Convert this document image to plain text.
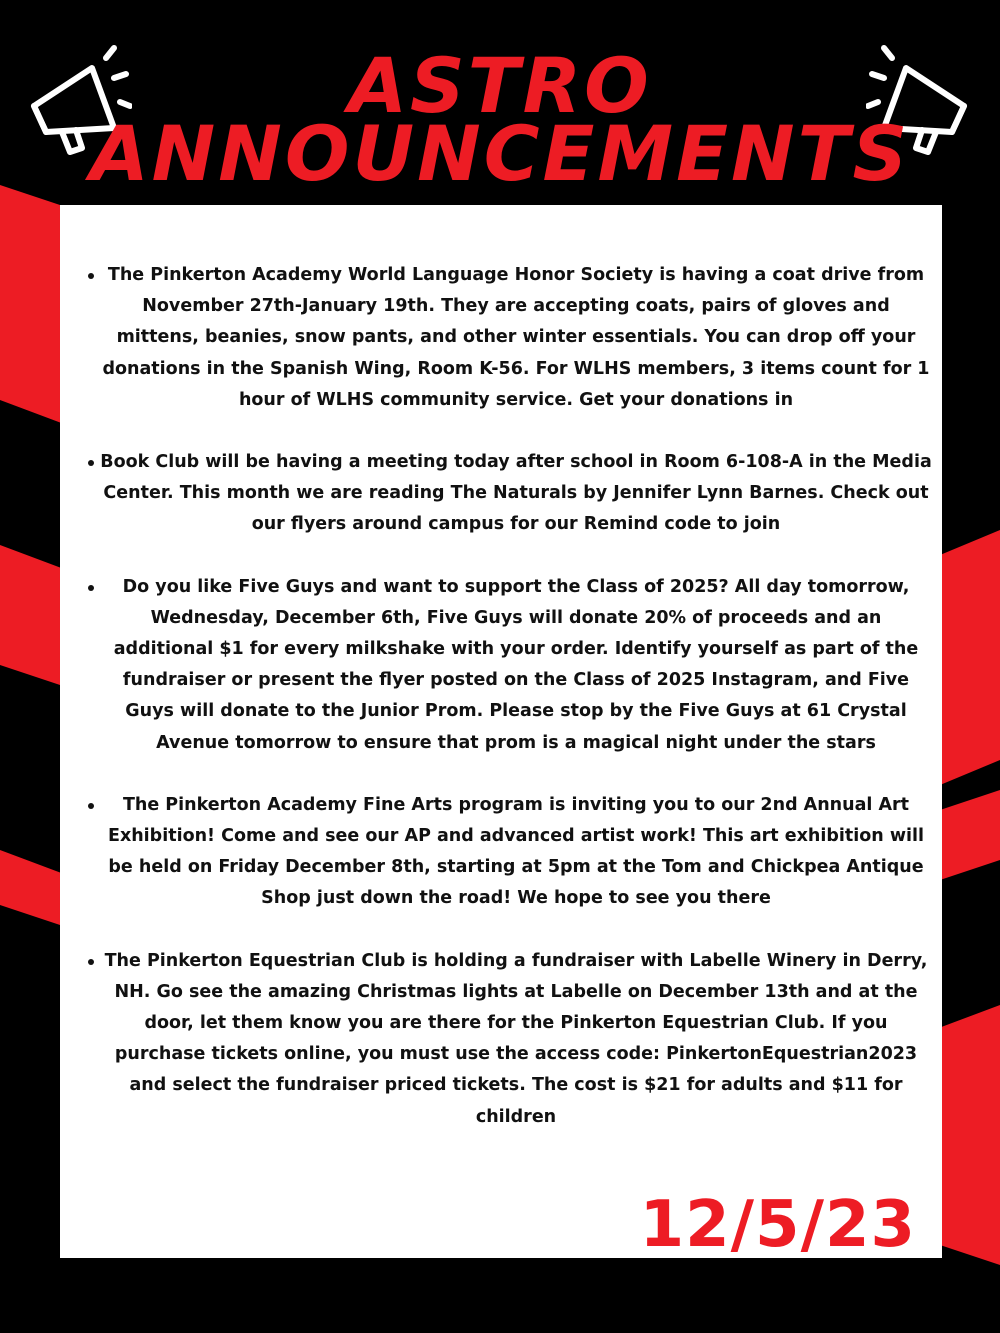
ASTRO
ANNOUNCEMENTS
The Pinkerton Academy World Language Honor Society is having a coat drive from November 27th-January 19th. They are accepting coats, pairs of gloves and mittens, beanies, snow pants, and other winter essentials. You can drop off your donations in the Spanish Wing, Room K-56. For WLHS members, 3 items count for 1 hour of WLHS community service. Get your donations in
Book Club will be having a meeting today after school in Room 6-108-A in the Media Center. This month we are reading The Naturals by Jennifer Lynn Barnes. Check out our flyers around campus for our Remind code to join
Do you like Five Guys and want to support the Class of 2025? All day tomorrow, Wednesday, December 6th, Five Guys will donate 20% of proceeds and an additional $1 for every milkshake with your order. Identify yourself as part of the fundraiser or present the flyer posted on the Class of 2025 Instagram, and Five Guys will donate to the Junior Prom. Please stop by the Five Guys at 61 Crystal Avenue tomorrow to ensure that prom is a magical night under the stars
The Pinkerton Academy Fine Arts program is inviting you to our 2nd Annual Art Exhibition! Come and see our AP and advanced artist work! This art exhibition will be held on Friday December 8th, starting at 5pm at the Tom and Chickpea Antique Shop just down the road! We hope to see you there
The Pinkerton Equestrian Club is holding a fundraiser with Labelle Winery in Derry, NH. Go see the amazing Christmas lights at Labelle on December 13th and at the door, let them know you are there for the Pinkerton Equestrian Club. If you purchase tickets online, you must use the access code: PinkertonEquestrian2023 and select the fundraiser priced tickets. The cost is $21 for adults and $11 for children
12/5/23
